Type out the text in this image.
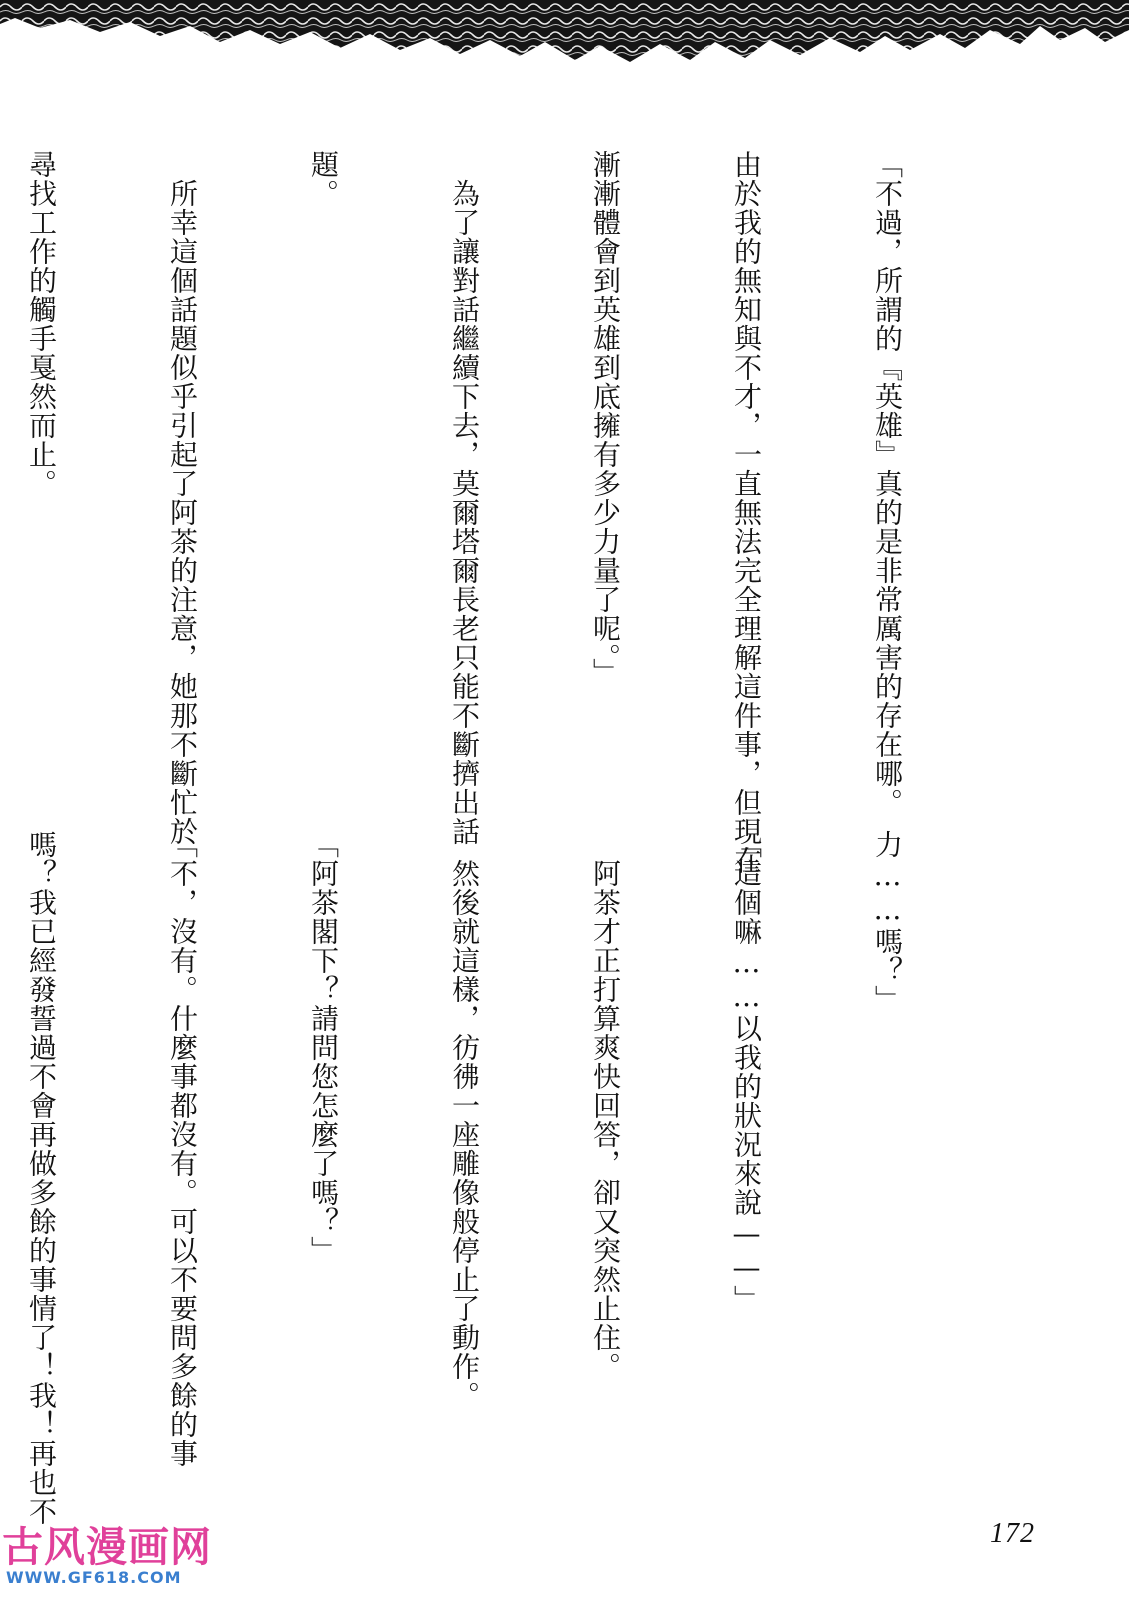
「不過，所謂的『英雄』真的是非常厲害的存在哪。

由於我的無知與不才，一直無法完全理解這件事，但現在

漸漸體會到英雄到底擁有多少力量了呢。」

　為了讓對話繼續下去，莫爾塔爾長老只能不斷擠出話

題。

　所幸這個話題似乎引起了阿茶的注意，她那不斷忙於

尋找工作的觸手戛然而止。

力……嗎？」

「這個嘛……以我的狀況來說——」

　阿茶才正打算爽快回答，卻又突然止住。

　然後就這樣，彷彿一座雕像般停止了動作。

「阿茶閣下？請問您怎麼了嗎？」

「不，沒有。什麼事都沒有。可以不要問多餘的事

嗎？我已經發誓過不會再做多餘的事情了！我！再也不

172
古风漫画网
WWW.GF618.COM
